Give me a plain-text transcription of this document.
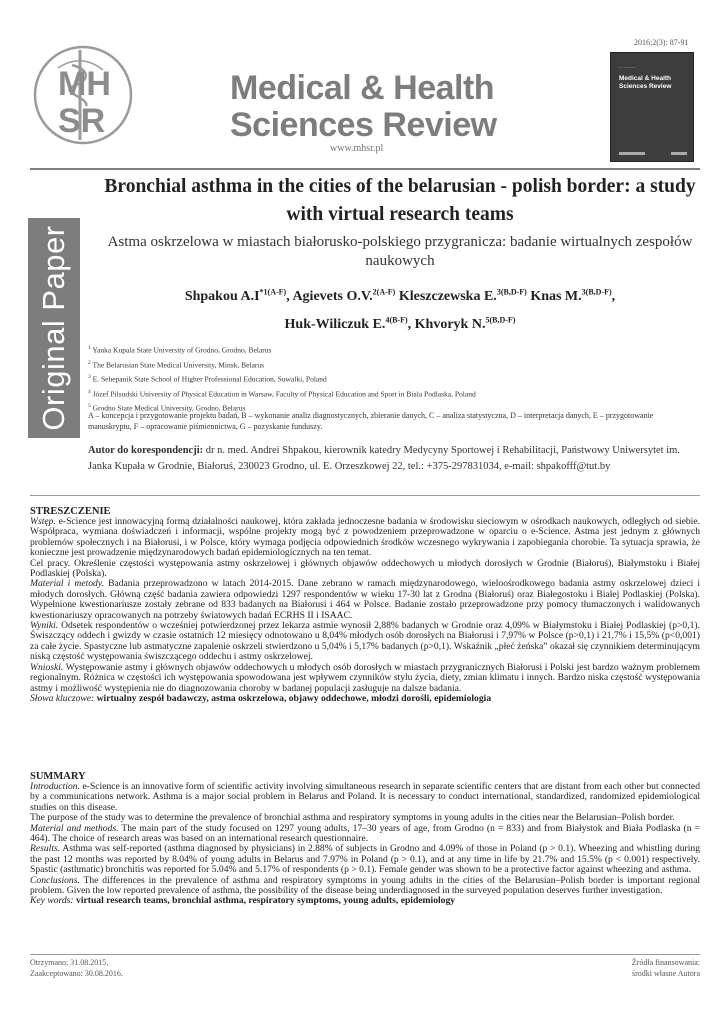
MH
SR
Medical & Health
Sciences Review
www.mhsr.pl
2016;2(3): 87-91
— — — —
Medical & Health Sciences Review
Original Paper
Bronchial asthma in the cities of the belarusian - polish border: a study with virtual research teams
Astma oskrzelowa w miastach białorusko-polskiego przygranicza: badanie wirtualnych zespołów naukowych
Shpakou $A.I^{*1(A-F)}$, Agievets O.V.$^{2(A-F)}$ Kleszczewska E.$^{3(B,D-F)}$ Knas M.$^{3(B,D-F)}$,
Huk-Wiliczuk E.$^{4(B-F)}$, Khvoryk N.$^{5(B,D-F)}$
$^1$ Yanka Kupala State University of Grodno, Grodno, Belarus
$^2$ The Belarusian State Medical University, Minsk, Belarus
$^3$ E. Sehepanik State School of Higher Professional Education, Suwalki, Poland
$^4$ Józef Pilsudski University of Physical Education in Warsaw, Faculty of Physical Education and Sport in Biala Podlaska, Poland
$^5$ Grodno State Medical University, Grodno, Belarus
A – koncepcja i przygotowanie projektu badań, B – wykonanie analiz diagnostycznych, zbieranie danych, C – analiza statystyczna, D – interpretacja danych, E – przygotowanie manuskryptu, F – opracowanie piśmiennictwa, G – pozyskanie funduszy.
Autor do korespondencji: dr n. med. Andrei Shpakou, kierownik katedry Medycyny Sportowej i Rehabilitacji, Państwowy Uniwersytet im. Janka Kupała w Grodnie, Białoruś, 230023 Grodno, ul. E. Orzeszkowej 22, tel.: +375-297831034, e-mail: shpakofff@tut.by

STRESZCZENIE

Wstęp. e-Science jest innowacyjną formą działalności naukowej, która zakłada jednoczesne badania w środowisku sieciowym w ośrodkach naukowych, odległych od siebie. Współpraca, wymiana doświadczeń i informacji, wspólne projekty mogą być z powodzeniem przeprowadzone w oparciu o e-Science. Astma jest jednym z głównych problemów społecznych i na Białorusi, i w Polsce, który wymaga podjęcia odpowiednich środków wczesnego wykrywania i zapobiegania chorobie. Ta sytuacja sprawia, że konieczne jest prowadzenie międzynarodowych badań epidemiologicznych na ten temat.

Cel pracy. Określenie częstości występowania astmy oskrzelowej i głównych objawów oddechowych u młodych dorosłych w Grodnie (Białoruś), Białymstoku i Białej Podlaskiej (Polska).

Material i metody. Badania przeprowadzono w latach 2014-2015. Dane zebrano w ramach międzynarodowego, wieloośrodkowego badania astmy oskrzelowej dzieci i młodych dorosłych. Główną część badania zawiera odpowiedzi 1297 respondentów w wieku 17-30 lat z Grodna (Białoruś) oraz Białegostoku i Białej Podlaskiej (Polska). Wypełnione kwestionariusze zostały zebrane od 833 badanych na Białorusi i 464 w Polsce. Badanie zostało przeprowadzone przy pomocy tłumaczonych i walidowanych kwestionariuszy opracowanych na potrzeby światowych badań ECRHS II i ISAAC.

Wyniki. Odsetek respondentów o wcześniej potwierdzonej przez lekarza astmie wynosił 2,88% badanych w Grodnie oraz 4,09% w Białymstoku i Białej Podlaskiej (p>0,1). Świszczący oddech i gwizdy w czasie ostatnich 12 miesięcy odnotowano u 8,04% młodych osób dorosłych na Białorusi i 7,97% w Polsce (p>0,1) i 21,7% i 15,5% (p<0,001) za całe życie. Spastyczne lub astmatyczne zapalenie oskrzeli stwierdzono u 5,04% i 5,17% badanych (p>0,1). Wskaźnik „płeć żeńska” okazał się czynnikiem determinującym niską częstość występowania świszczącego oddechu i astmy oskrzelowej.

Wnioski. Występowanie astmy i głównych objawów oddechowych u młodych osób dorosłych w miastach przygranicznych Białorusi i Polski jest bardzo ważnym problemem regionalnym. Różnica w częstości ich występowania spowodowana jest wpływem czynników stylu życia, diety, zmian klimatu i innych. Bardzo niska częstość występowania astmy i możliwość występienia nie do diagnozowania choroby w badanej populacji zasługuje na dalsze badania.

Słowa kluczowe: wirtualny zespół badawczy, astma oskrzelowa, objawy oddechowe, młodzi dorośli, epidemiologia

SUMMARY

Introduction. e-Science is an innovative form of scientific activity involving simultaneous research in separate scientific centers that are distant from each other but connected by a communications network. Asthma is a major social problem in Belarus and Poland. It is necessary to conduct international, standardized, randomized epidemiological studies on this disease.

The purpose of the study was to determine the prevalence of bronchial asthma and respiratory symptoms in young adults in the cities near the Belarusian–Polish border.

Material and methods. The main part of the study focused on 1297 young adults, 17–30 years of age, from Grodno (n = 833) and from Białystok and Biała Podlaska (n = 464). The choice of research areas was based on an international research questionnaire.

Results. Asthma was self-reported (asthma diagnosed by physicians) in 2.88% of subjects in Grodno and 4.09% of those in Poland (p > 0.1). Wheezing and whistling during the past 12 months was reported by 8.04% of young adults in Belarus and 7.97% in Poland (p > 0.1), and at any time in life by 21.7% and 15.5% (p < 0.001) respectively. Spastic (asthmatic) bronchitis was reported for 5.04% and 5.17% of respondents (p > 0.1). Female gender was shown to be a protective factor against wheezing and asthma.

Conclusions. The differences in the prevalence of asthma and respiratory symptoms in young adults in the cities of the Belarusian–Polish border is important regional problem. Given the low reported prevalence of asthma, the possibility of the disease being underdiagnosed in the surveyed population deserves further investigation.

Key words: virtual research teams, bronchial asthma, respiratory symptoms, young adults, epidemiology

Otrzymano: 31.08.2015,
Zaakceptowano: 30.08.2016.
Źródła finansowania:
środki własne Autora
